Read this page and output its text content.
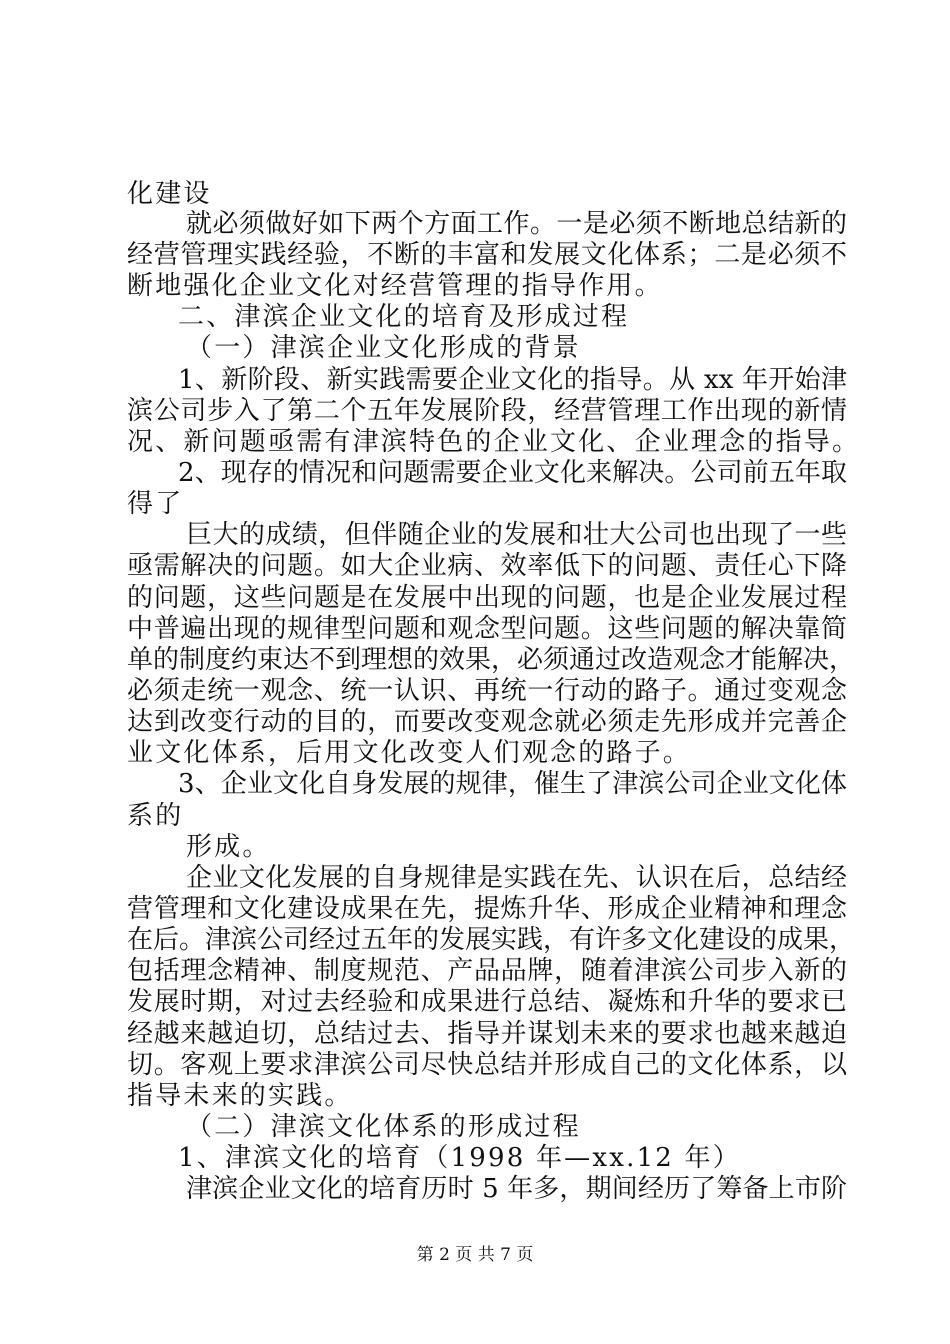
化建设
就必须做好如下两个方面工作。一是必须不断地总结新的
经营管理实践经验，不断的丰富和发展文化体系；二是必须不
断地强化企业文化对经营管理的指导作用。
二、津滨企业文化的培育及形成过程
（一）津滨企业文化形成的背景
1、新阶段、新实践需要企业文化的指导。从 xx 年开始津
滨公司步入了第二个五年发展阶段，经营管理工作出现的新情
况、新问题亟需有津滨特色的企业文化、企业理念的指导。
2、现存的情况和问题需要企业文化来解决。公司前五年取
得了
巨大的成绩，但伴随企业的发展和壮大公司也出现了一些
亟需解决的问题。如大企业病、效率低下的问题、责任心下降
的问题，这些问题是在发展中出现的问题，也是企业发展过程
中普遍出现的规律型问题和观念型问题。这些问题的解决靠简
单的制度约束达不到理想的效果，必须通过改造观念才能解决，
必须走统一观念、统一认识、再统一行动的路子。通过变观念
达到改变行动的目的，而要改变观念就必须走先形成并完善企
业文化体系，后用文化改变人们观念的路子。
3、企业文化自身发展的规律，催生了津滨公司企业文化体
系的
形成。
企业文化发展的自身规律是实践在先、认识在后，总结经
营管理和文化建设成果在先，提炼升华、形成企业精神和理念
在后。津滨公司经过五年的发展实践，有许多文化建设的成果，
包括理念精神、制度规范、产品品牌，随着津滨公司步入新的
发展时期，对过去经验和成果进行总结、凝炼和升华的要求已
经越来越迫切，总结过去、指导并谋划未来的要求也越来越迫
切。客观上要求津滨公司尽快总结并形成自己的文化体系，以
指导未来的实践。
（二）津滨文化体系的形成过程
1、津滨文化的培育（1998 年—xx.12 年）
津滨企业文化的培育历时 5 年多，期间经历了筹备上市阶
第 2 页 共 7 页
